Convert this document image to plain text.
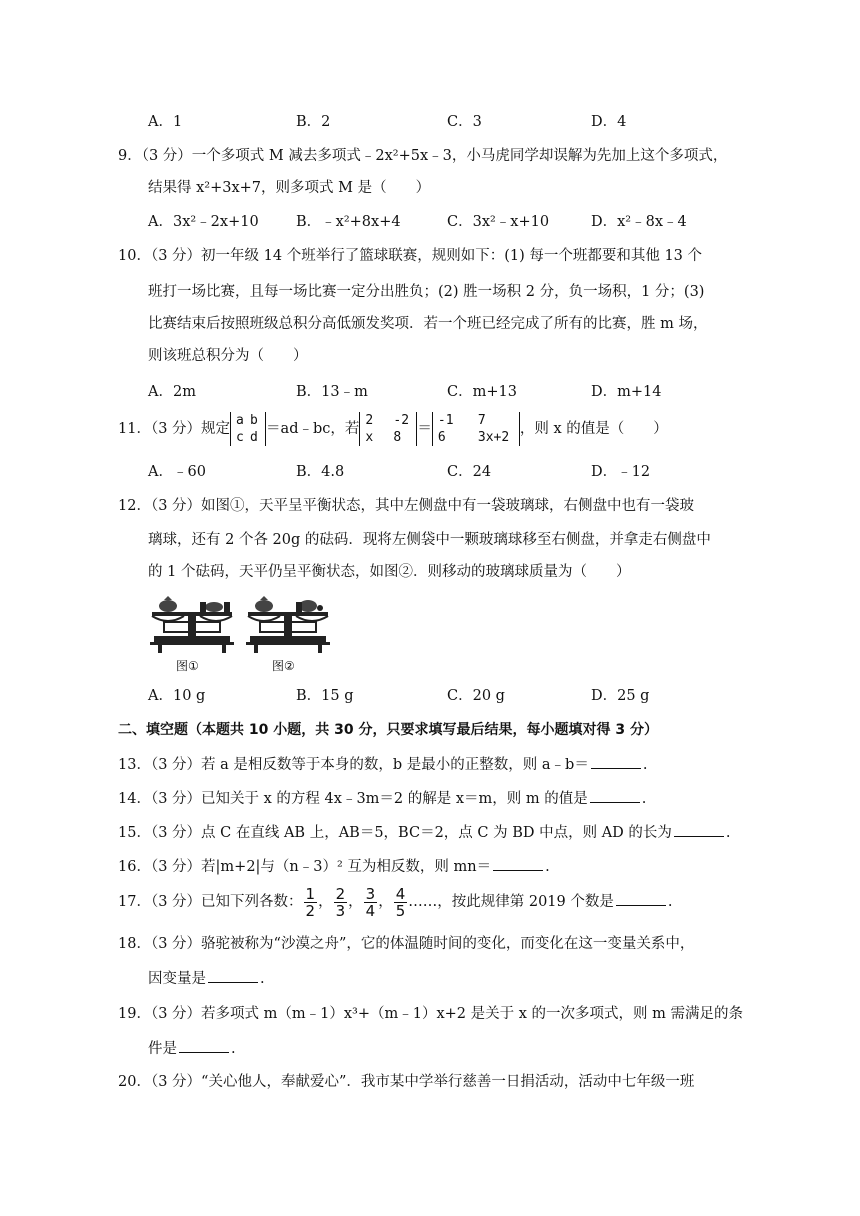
A．1	B．2	C．3	D．4
9．（3 分）一个多项式 M 减去多项式﹣2x²+5x﹣3，小马虎同学却误解为先加上这个多项式，
结果得 x²+3x+7，则多项式 M 是（　　）
A．3x²﹣2x+10	B．﹣x²+8x+4	C．3x²﹣x+10	D．x²﹣8x﹣4
10．（3 分）初一年级 14 个班举行了篮球联赛，规则如下：(1) 每一个班都要和其他 13 个
班打一场比赛，且每一场比赛一定分出胜负；(2) 胜一场积 2 分，负一场积，1 分；(3)
比赛结束后按照班级总积分高低颁发奖项．若一个班已经完成了所有的比赛，胜 m 场，
则该班总积分为（　　）
A．2m	B．13﹣m	C．m+13	D．m+14
11．（3 分）规定a b
c d＝ad﹣bc，若2 -2
x 8＝-1 7
6 3x+2，则 x 的值是（　　）
A．﹣60	B．4.8	C．24	D．﹣12
12．（3 分）如图①，天平呈平衡状态，其中左侧盘中有一袋玻璃球，右侧盘中也有一袋玻
璃球，还有 2 个各 20g 的砝码．现将左侧袋中一颗玻璃球移至右侧盘，并拿走右侧盘中
的 1 个砝码，天平仍呈平衡状态，如图②．则移动的玻璃球质量为（　　）
图①	图②
A．10 g	B．15 g	C．20 g	D．25 g
二、填空题（本题共 10 小题，共 30 分，只要求填写最后结果，每小题填对得 3 分）
13．（3 分）若 a 是相反数等于本身的数，b 是最小的正整数，则 a﹣b＝	.
14．（3 分）已知关于 x 的方程 4x﹣3m＝2 的解是 x＝m，则 m 的值是	.
15．（3 分）点 C 在直线 AB 上，AB＝5，BC＝2，点 C 为 BD 中点，则 AD 的长为	.
16．（3 分）若|m+2|与（n﹣3）² 互为相反数，则 mn＝	.
17．（3 分）已知下列各数： $\frac{1}{2}$ ， $\frac{2}{3}$ ， $\frac{3}{4}$ ， $\frac{4}{5}$ ……，按此规律第 2019 个数是	.
18．（3 分）骆驼被称为“沙漠之舟”，它的体温随时间的变化，而变化在这一变量关系中，
因变量是	.
19．（3 分）若多项式 m（m﹣1）x³+（m﹣1）x+2 是关于 x 的一次多项式，则 m 需满足的条
件是	.
20．（3 分）“关心他人，奉献爱心”．我市某中学举行慈善一日捐活动，活动中七年级一班
